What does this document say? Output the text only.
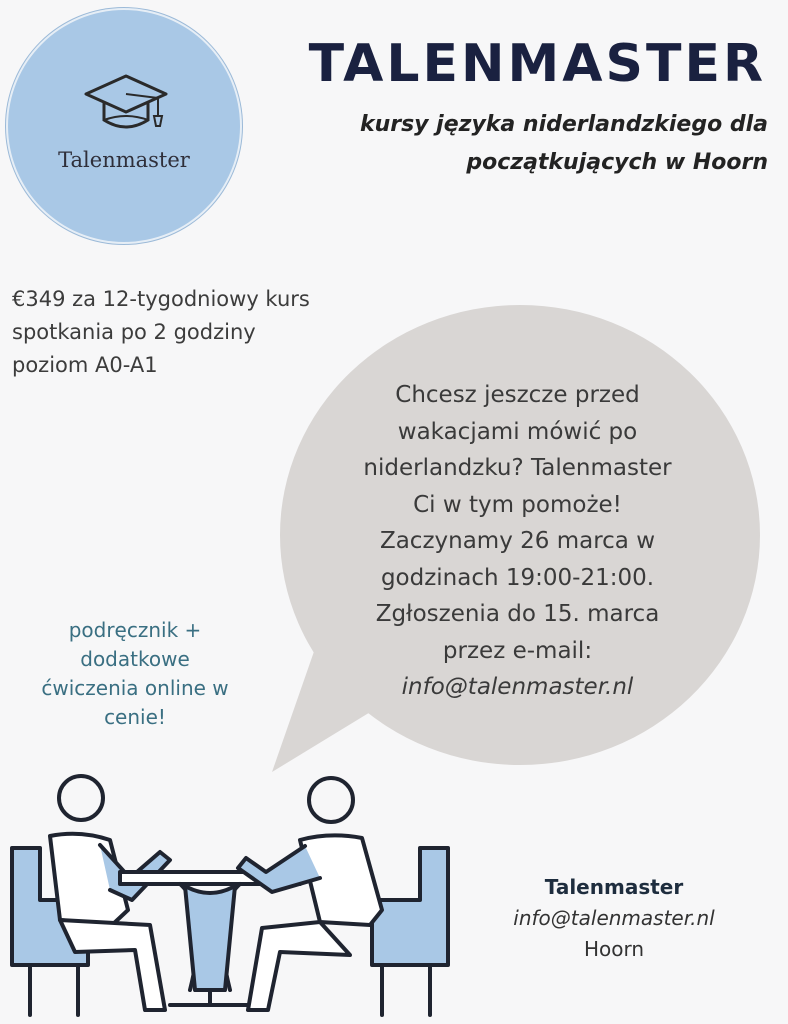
Talenmaster
TALENMASTER
kursy języka niderlandzkiego dla
początkujących w Hoorn
€349 za 12-tygodniowy kurs
spotkania po 2 godziny
poziom A0-A1
Chcesz jeszcze przed
wakacjami mówić po
niderlandzku? Talenmaster
Ci w tym pomoże!
Zaczynamy 26 marca w
godzinach 19:00-21:00.
Zgłoszenia do 15. marca
przez e-mail:
info@talenmaster.nl
podręcznik +
dodatkowe
ćwiczenia online w
cenie!
Talenmaster
info@talenmaster.nl
Hoorn
